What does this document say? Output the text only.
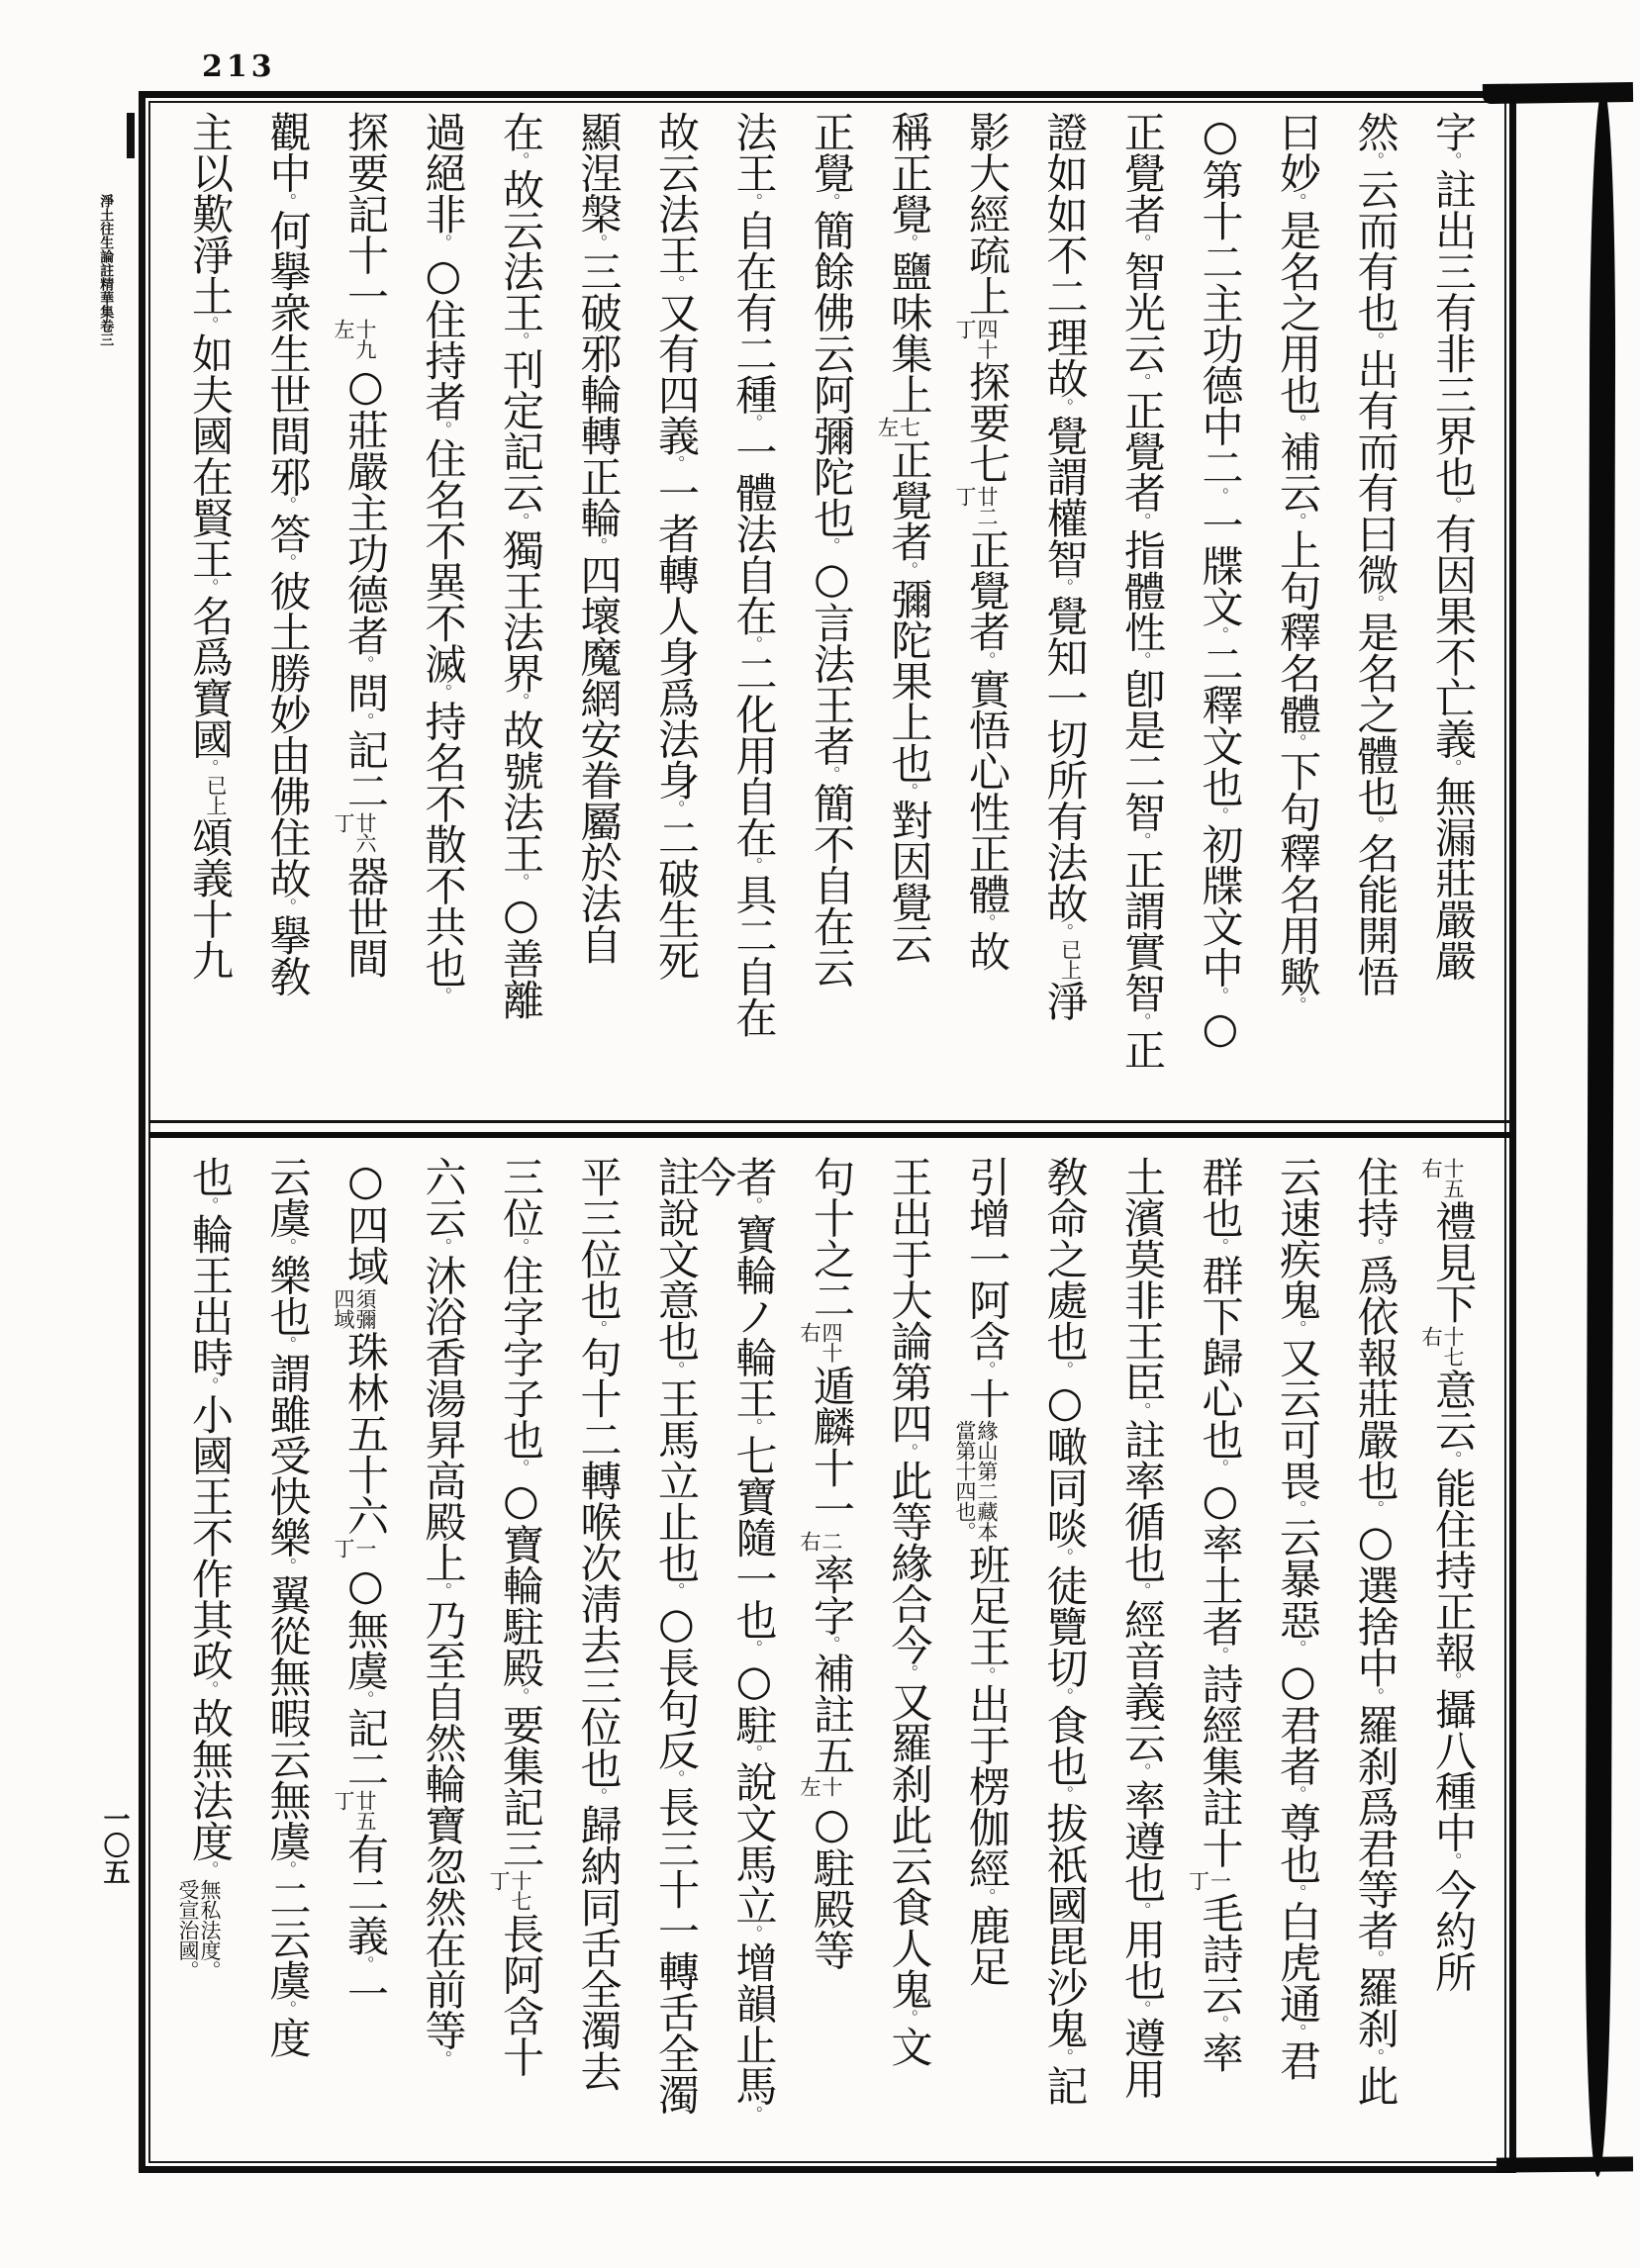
213
淨土往生論註精華集卷三
一〇五
字。註出三有非三界也。有因果不亡義。無漏莊嚴嚴
然。云而有也。出有而有曰微。是名之體也。名能開悟
曰妙。是名之用也。補云。上句釋名體。下句釋名用歟。
○第十二主功德中二。一牒文。二釋文也。初牒文中。○
正覺者。智光云。正覺者。指體性。卽是二智。正謂實智。正
證如如不二理故。覺謂權智。覺知一切所有法故。已上淨
影大經疏上
四十
丁
探要七
廿二
丁
正覺者。實悟心性正體。故
稱正覺。鹽味集上
七
左
正覺者。彌陀果上也。對因覺云
正覺。簡餘佛云阿彌陀也。○言法王者。簡不自在云
法王。自在有二種。一體法自在。二化用自在。具二自在
故云法王。又有四義。一者轉人身爲法身。二破生死
顯涅槃。三破邪輪轉正輪。四壞魔網安眷屬於法自
在。故云法王。刊定記云。獨王法界。故號法王。○善離
過絕非。○住持者。住名不異不滅。持名不散不共也。
探要記十一
十九
左
○莊嚴主功德者。問。記二
廿六
丁
器世間
觀中。何擧衆生世間邪。答。彼土勝妙由佛住故。擧敎
主以歎淨土。如夫國在賢王。名爲寶國。已上頌義十九
十五
右
禮見下
十七
右
意云。能住持正報。攝八種中。今約所
住持。爲依報莊嚴也。○選捨中。羅刹爲君等者。羅刹。此
云速疾鬼。又云可畏。云暴惡。○君者。尊也。白虎通。君
群也。群下歸心也。○率土者。詩經集註十
一
丁
毛詩云。率
土濱莫非王臣。註率循也。經音義云。率遵也。用也。遵用
敎命之處也。○噉同啖。徒覽切。食也。拔祇國毘沙鬼。記
引增一阿含。十
緣山第二藏本
當第十四也。
班足王。出于楞伽經。鹿足
王出于大論第四。此等緣合今。又羅刹此云食人鬼。文
句十之二
四十
右
遁麟十一
二
右
率字。補註五
十
左
○駐殿等
者。寶輪ノ輪王。七寶隨一也。○駐。說文馬立。增韻止馬。今
註說文意也。王馬立止也。○長句反。長三十一轉舌全濁
平三位也。句十二轉喉次淸去三位也。歸納同舌全濁去
三位。住字字子也。○寶輪駐殿。要集記三
十七
丁
長阿含十
六云。沐浴香湯昇高殿上。乃至自然輪寶忽然在前等。
○四域
須彌
四域
珠林五十六
一
丁
○無虞。記二
廿五
丁
有二義。一
云虞。樂也。謂雖受快樂。翼從無暇云無虞。二云虞。度
也。輪王出時。小國王不作其政。故無法度。
無私法度。
受宣治國。
